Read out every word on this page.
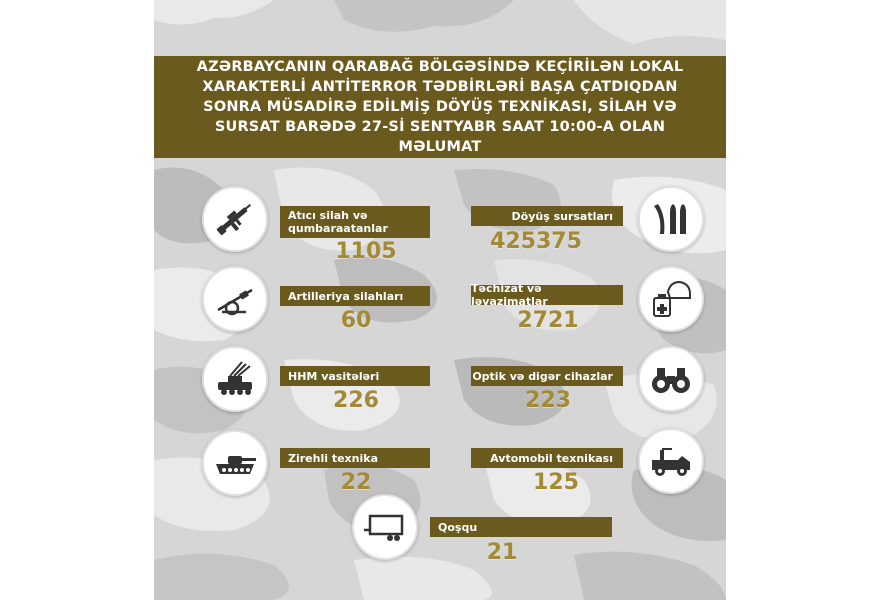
AZƏRBAYCANIN QARABAĞ BÖLGƏSİNDƏ KEÇİRİLƏN LOKAL XARAKTERLİ ANTİTERROR TƏDBİRLƏRİ BAŞA ÇATDIQDAN SONRA MÜSADİRƏ EDİLMİŞ DÖYÜŞ TEXNİKASI, SİLAH VƏ SURSAT BARƏDƏ 27-Sİ SENTYABR SAAT 10:00-A OLAN MƏLUMAT
Atıcı silah və qumbaraatanlar
1105
Döyüş sursatları
425375
Artilleriya silahları
60
Təchizat və ləvazimatlar
2721
HHM vasitələri
226
Optik və digər cihazlar
223
Zirehli texnika
22
Avtomobil texnikası
125
Qoşqu
21
